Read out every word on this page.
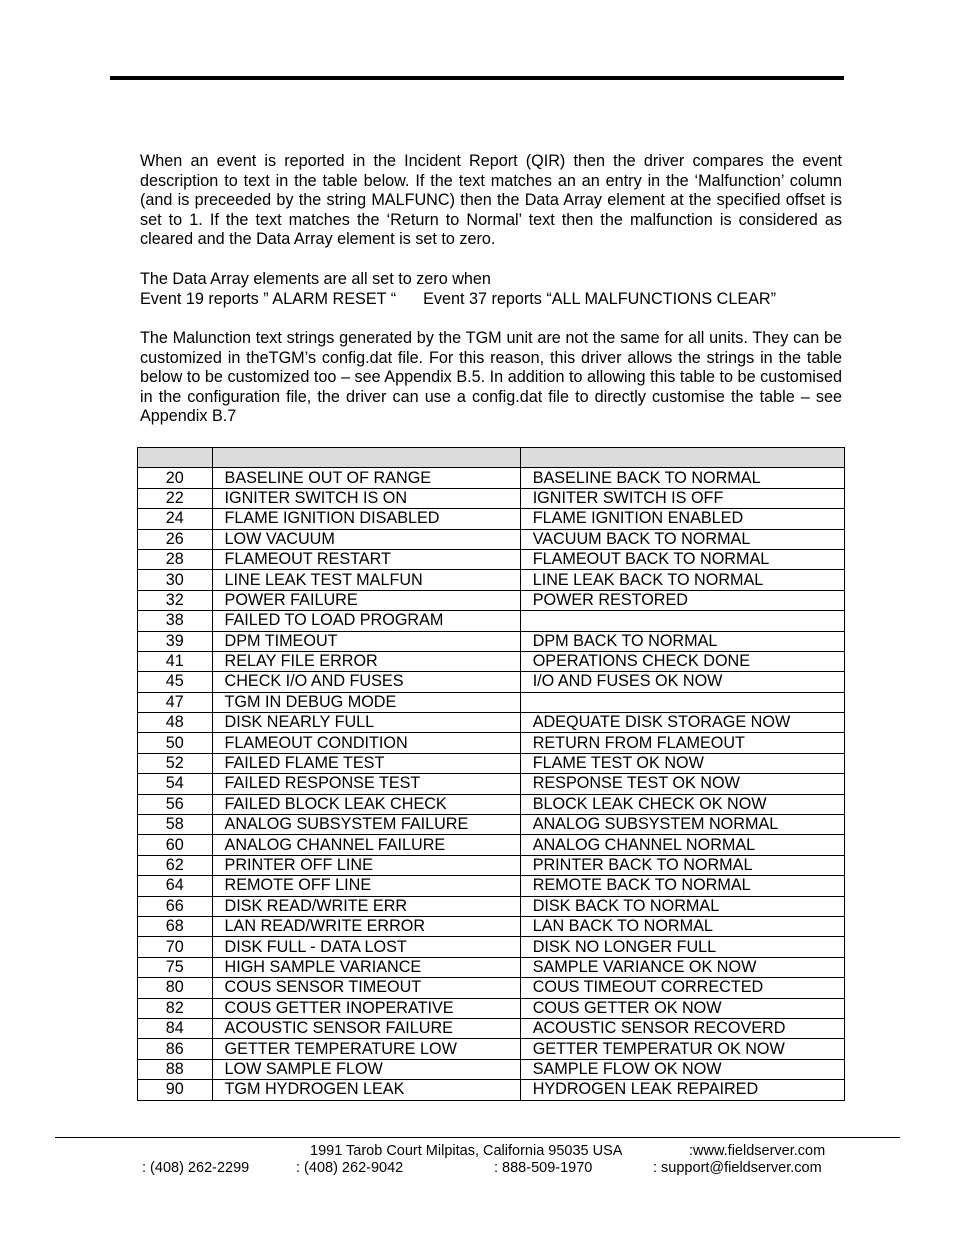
When an event is reported in the Incident Report (QIR) then the driver compares the event description to text in the table below. If the text matches an an entry in the ‘Malfunction’ column (and is preceeded by the string MALFUNC) then the Data Array element at the specified offset is set to 1. If the text matches the ‘Return to Normal’ text then the malfunction is considered as cleared and the Data Array element is set to zero.

The Data Array elements are all set to zero when
Event 19 reports ” ALARM RESET “      Event 37 reports “ALL MALFUNCTIONS CLEAR”

The Malunction text strings generated by the TGM unit are not the same for all units. They can be customized in theTGM’s config.dat file. For this reason, this driver allows the strings in the table below to be customized too – see Appendix B.5. In addition to allowing this table to be customised in the configuration file, the driver can use a config.dat file to directly customise the table – see Appendix B.7

20	BASELINE OUT OF RANGE	BASELINE BACK TO NORMAL
22	IGNITER SWITCH IS ON	IGNITER SWITCH IS OFF
24	FLAME IGNITION DISABLED	FLAME IGNITION ENABLED
26	LOW VACUUM	VACUUM BACK TO NORMAL
28	FLAMEOUT RESTART	FLAMEOUT BACK TO NORMAL
30	LINE LEAK TEST MALFUN	LINE LEAK BACK TO NORMAL
32	POWER FAILURE	POWER RESTORED
38	FAILED TO LOAD PROGRAM	
39	DPM TIMEOUT	DPM BACK TO NORMAL
41	RELAY FILE ERROR	OPERATIONS CHECK DONE
45	CHECK I/O AND FUSES	I/O AND FUSES OK NOW
47	TGM IN DEBUG MODE	
48	DISK NEARLY FULL	ADEQUATE DISK STORAGE NOW
50	FLAMEOUT CONDITION	RETURN FROM FLAMEOUT
52	FAILED FLAME TEST	FLAME TEST OK NOW
54	FAILED RESPONSE TEST	RESPONSE TEST OK NOW
56	FAILED BLOCK LEAK CHECK	BLOCK LEAK CHECK OK NOW
58	ANALOG SUBSYSTEM FAILURE	ANALOG SUBSYSTEM NORMAL
60	ANALOG CHANNEL FAILURE	ANALOG CHANNEL NORMAL
62	PRINTER OFF LINE	PRINTER BACK TO NORMAL
64	REMOTE OFF LINE	REMOTE BACK TO NORMAL
66	DISK READ/WRITE ERR	DISK BACK TO NORMAL
68	LAN READ/WRITE ERROR	LAN BACK TO NORMAL
70	DISK FULL - DATA LOST	DISK NO LONGER FULL
75	HIGH SAMPLE VARIANCE	SAMPLE VARIANCE OK NOW
80	COUS SENSOR TIMEOUT	COUS TIMEOUT CORRECTED
82	COUS GETTER INOPERATIVE	COUS GETTER OK NOW
84	ACOUSTIC SENSOR FAILURE	ACOUSTIC SENSOR RECOVERD
86	GETTER TEMPERATURE LOW	GETTER TEMPERATUR OK NOW
88	LOW SAMPLE FLOW	SAMPLE FLOW OK NOW
90	TGM HYDROGEN LEAK	HYDROGEN LEAK REPAIRED
1991 Tarob Court Milpitas, California 95035 USA	:www.fieldserver.com
: (408) 262-2299	: (408) 262-9042	: 888-509-1970	: support@fieldserver.com
